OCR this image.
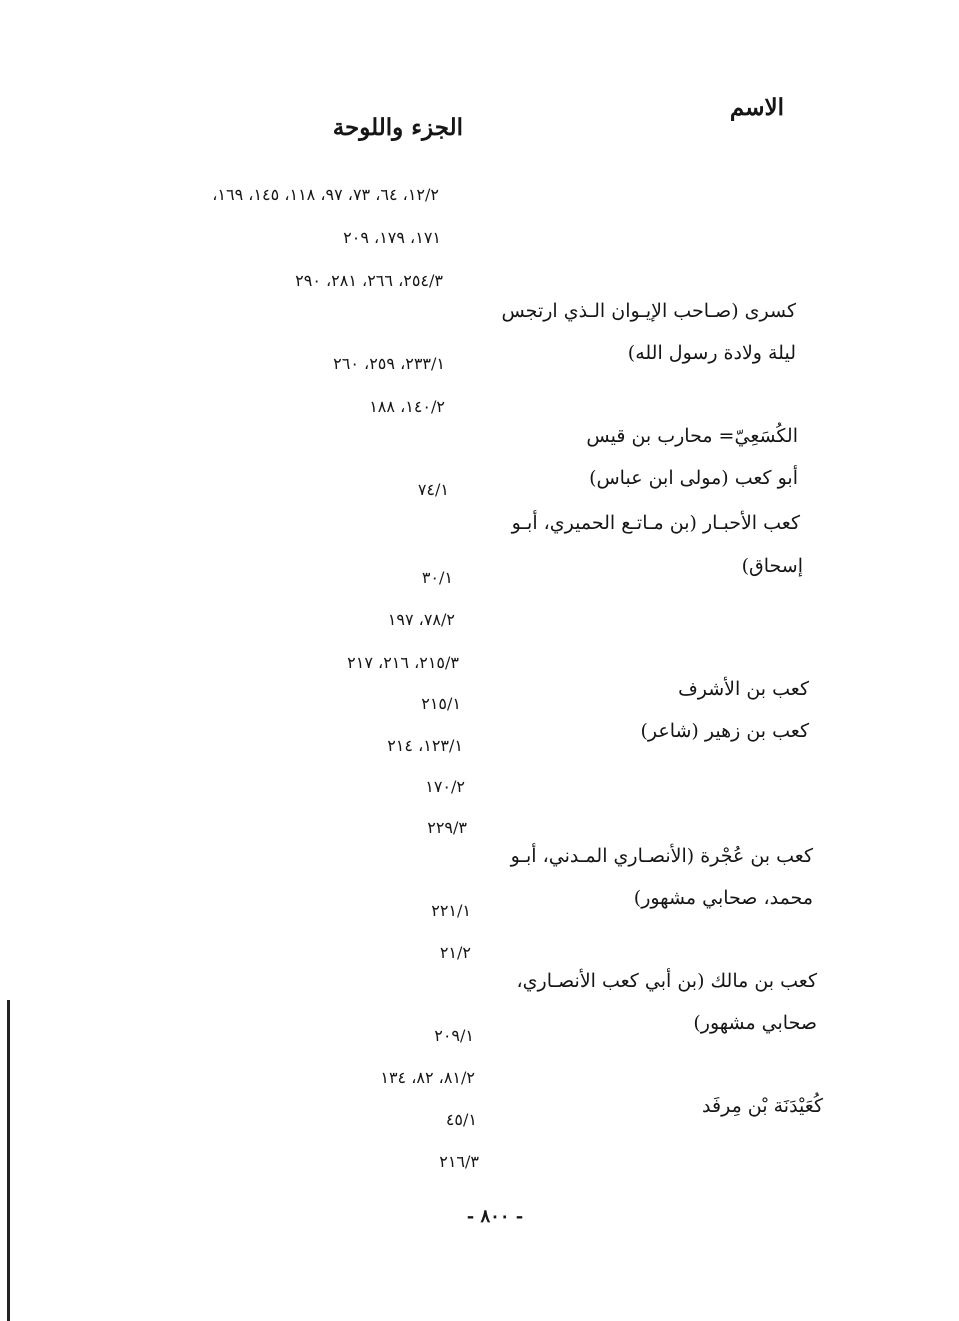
الاسم
الجزء واللوحة
١٢/٢، ٦٤، ٧٣، ٩٧، ١١٨، ١٤٥، ١٦٩،
١٧١، ١٧٩، ٢٠٩
٢٥٤/٣، ٢٦٦، ٢٨١، ٢٩٠
٢٣٣/١، ٢٥٩، ٢٦٠
١٤٠/٢، ١٨٨
٧٤/١
٣٠/١
٧٨/٢، ١٩٧
٢١٥/٣، ٢١٦، ٢١٧
٢١٥/١
١٢٣/١، ٢١٤
١٧٠/٢
٢٢٩/٣
٢٢١/١
٢١/٢
٢٠٩/١
٨١/٢، ٨٢، ١٣٤
٤٥/١
٢١٦/٣
كسرى (صـاحب الإيـوان الـذي ارتجس
ليلة ولادة رسول الله)
الكُسَعِيّ= محارب بن قيس
أبو كعب (مولى ابن عباس)
كعب الأحبـار (بن مـاتـع الحميري، أبـو
إسحاق)
كعب بن الأشرف
كعب بن زهير (شاعر)
كعب بن عُجْرة (الأنصـاري المـدني، أبـو
محمد، صحابي مشهور)
كعب بن مالك (بن أبي كعب الأنصـاري،
صحابي مشهور)
كُعَيْدَنَة بْن مِرفَد
- ٨٠٠ -
